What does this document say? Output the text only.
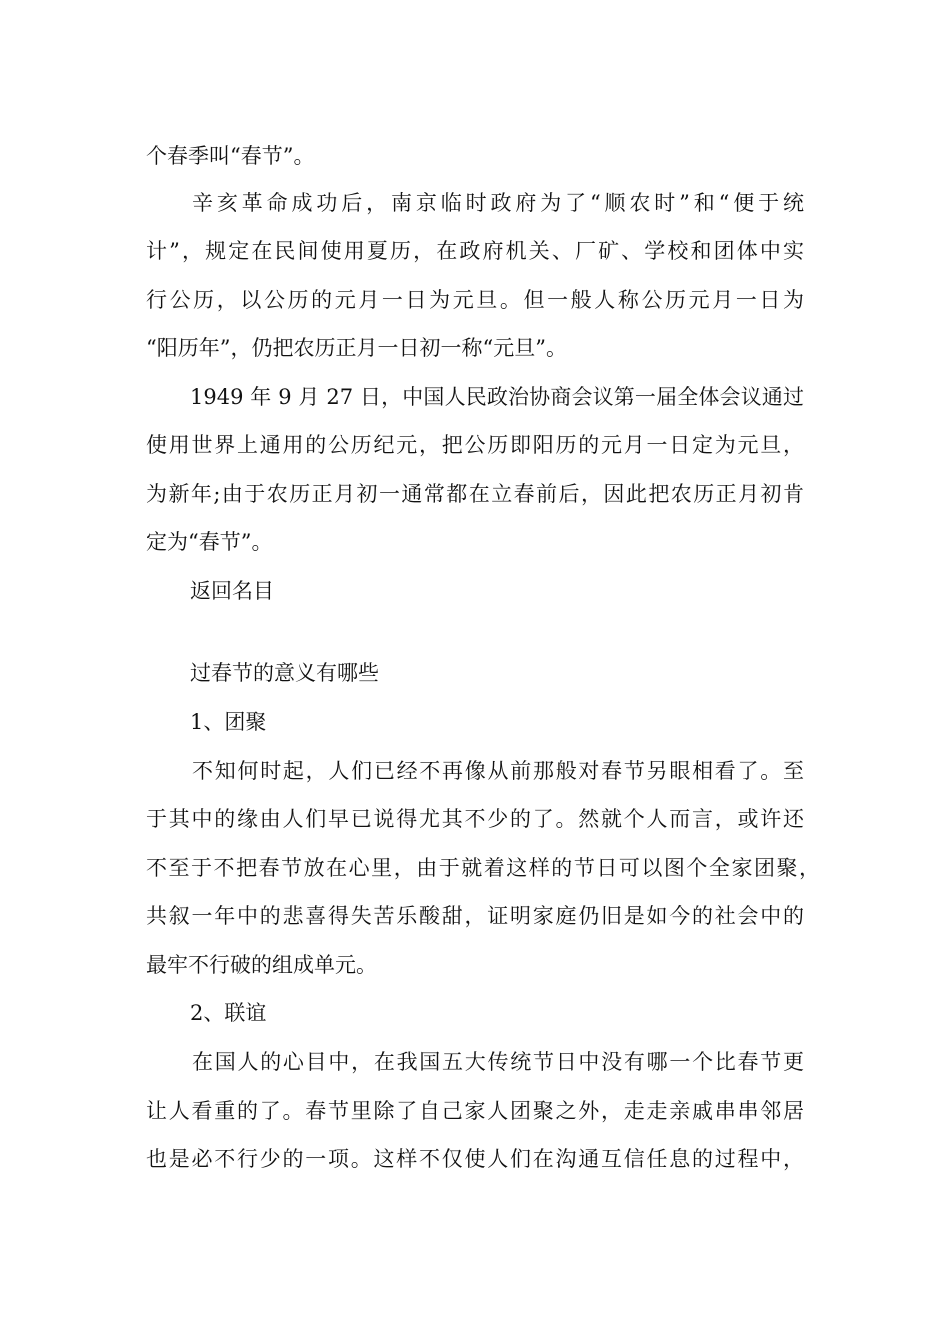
个春季叫“春节”。
辛亥革命成功后，南京临时政府为了“顺农时”和“便于统
计”，规定在民间使用夏历，在政府机关、厂矿、学校和团体中实
行公历，以公历的元月一日为元旦。但一般人称公历元月一日为
“阳历年”，仍把农历正月一日初一称“元旦”。
1949 年 9 月 27 日，中国人民政治协商会议第一届全体会议通过
使用世界上通用的公历纪元，把公历即阳历的元月一日定为元旦，
为新年;由于农历正月初一通常都在立春前后，因此把农历正月初肯
定为“春节”。
返回名目
过春节的意义有哪些
1、团聚
不知何时起，人们已经不再像从前那般对春节另眼相看了。至
于其中的缘由人们早已说得尤其不少的了。然就个人而言，或许还
不至于不把春节放在心里，由于就着这样的节日可以图个全家团聚，
共叙一年中的悲喜得失苦乐酸甜，证明家庭仍旧是如今的社会中的
最牢不行破的组成单元。
2、联谊
在国人的心目中，在我国五大传统节日中没有哪一个比春节更
让人看重的了。春节里除了自己家人团聚之外，走走亲戚串串邻居
也是必不行少的一项。这样不仅使人们在沟通互信任息的过程中，
